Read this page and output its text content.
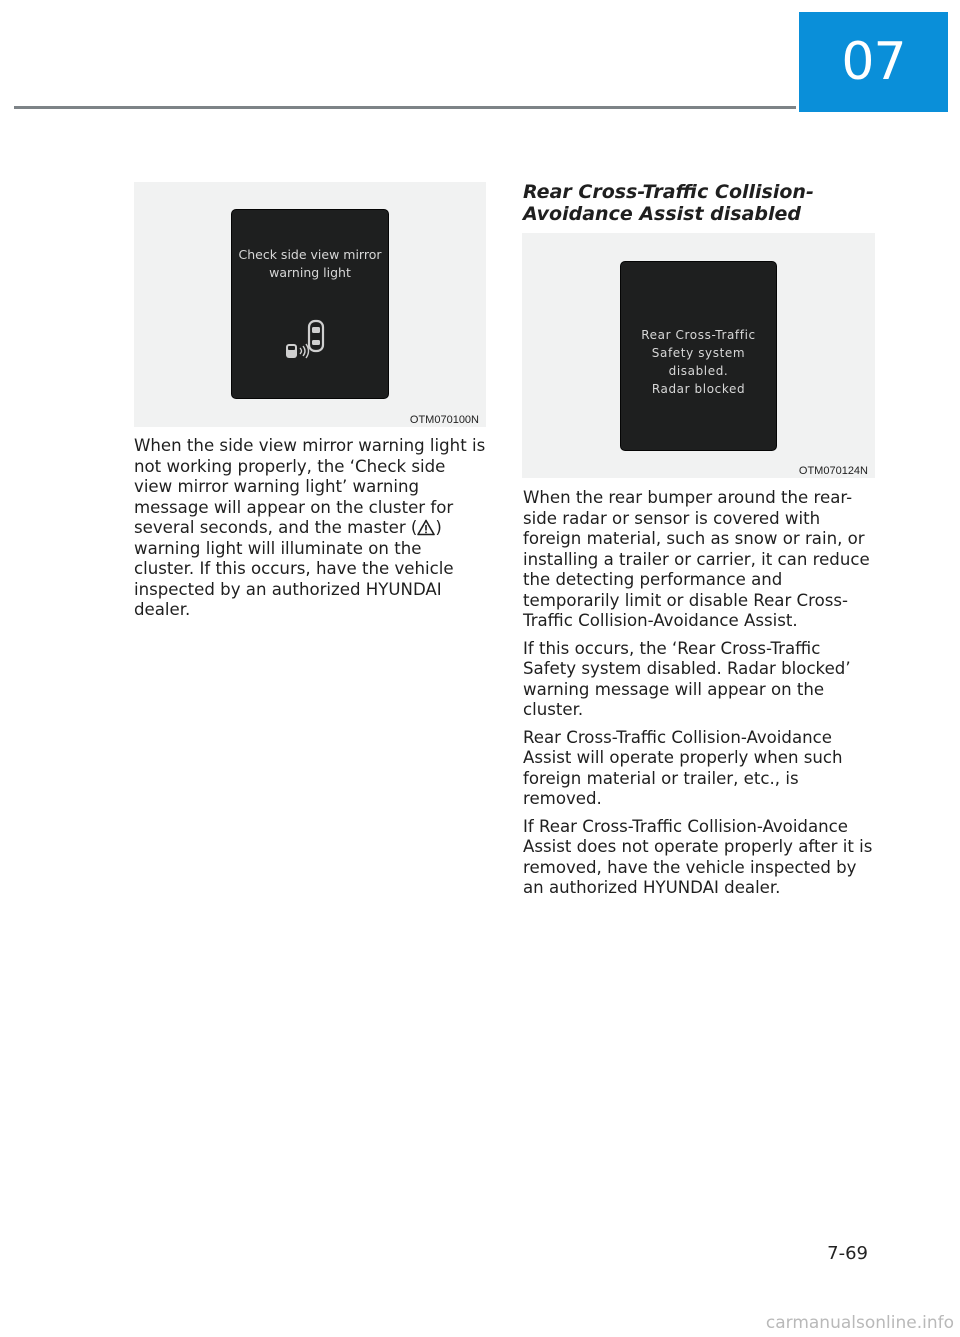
07
Check side view mirror
warning light
OTM070100N

When the side view mirror warning light is not working properly, the ‘Check side view mirror warning light’ warning message will appear on the cluster for several seconds, and the master ( ) warning light will illuminate on the cluster. If this occurs, have the vehicle inspected by an authorized HYUNDAI dealer.

Rear Cross-Traffic Collision-
Avoidance Assist disabled
Rear Cross-Traffic
Safety system disabled.
Radar blocked
OTM070124N

When the rear bumper around the rear-side radar or sensor is covered with foreign material, such as snow or rain, or installing a trailer or carrier, it can reduce the detecting performance and temporarily limit or disable Rear Cross-Traffic Collision-Avoidance Assist.

If this occurs, the ‘Rear Cross-Traffic Safety system disabled. Radar blocked’ warning message will appear on the cluster.

Rear Cross-Traffic Collision-Avoidance Assist will operate properly when such foreign material or trailer, etc., is removed.

If Rear Cross-Traffic Collision-Avoidance Assist does not operate properly after it is removed, have the vehicle inspected by an authorized HYUNDAI dealer.

7-69
carmanualsonline.info
